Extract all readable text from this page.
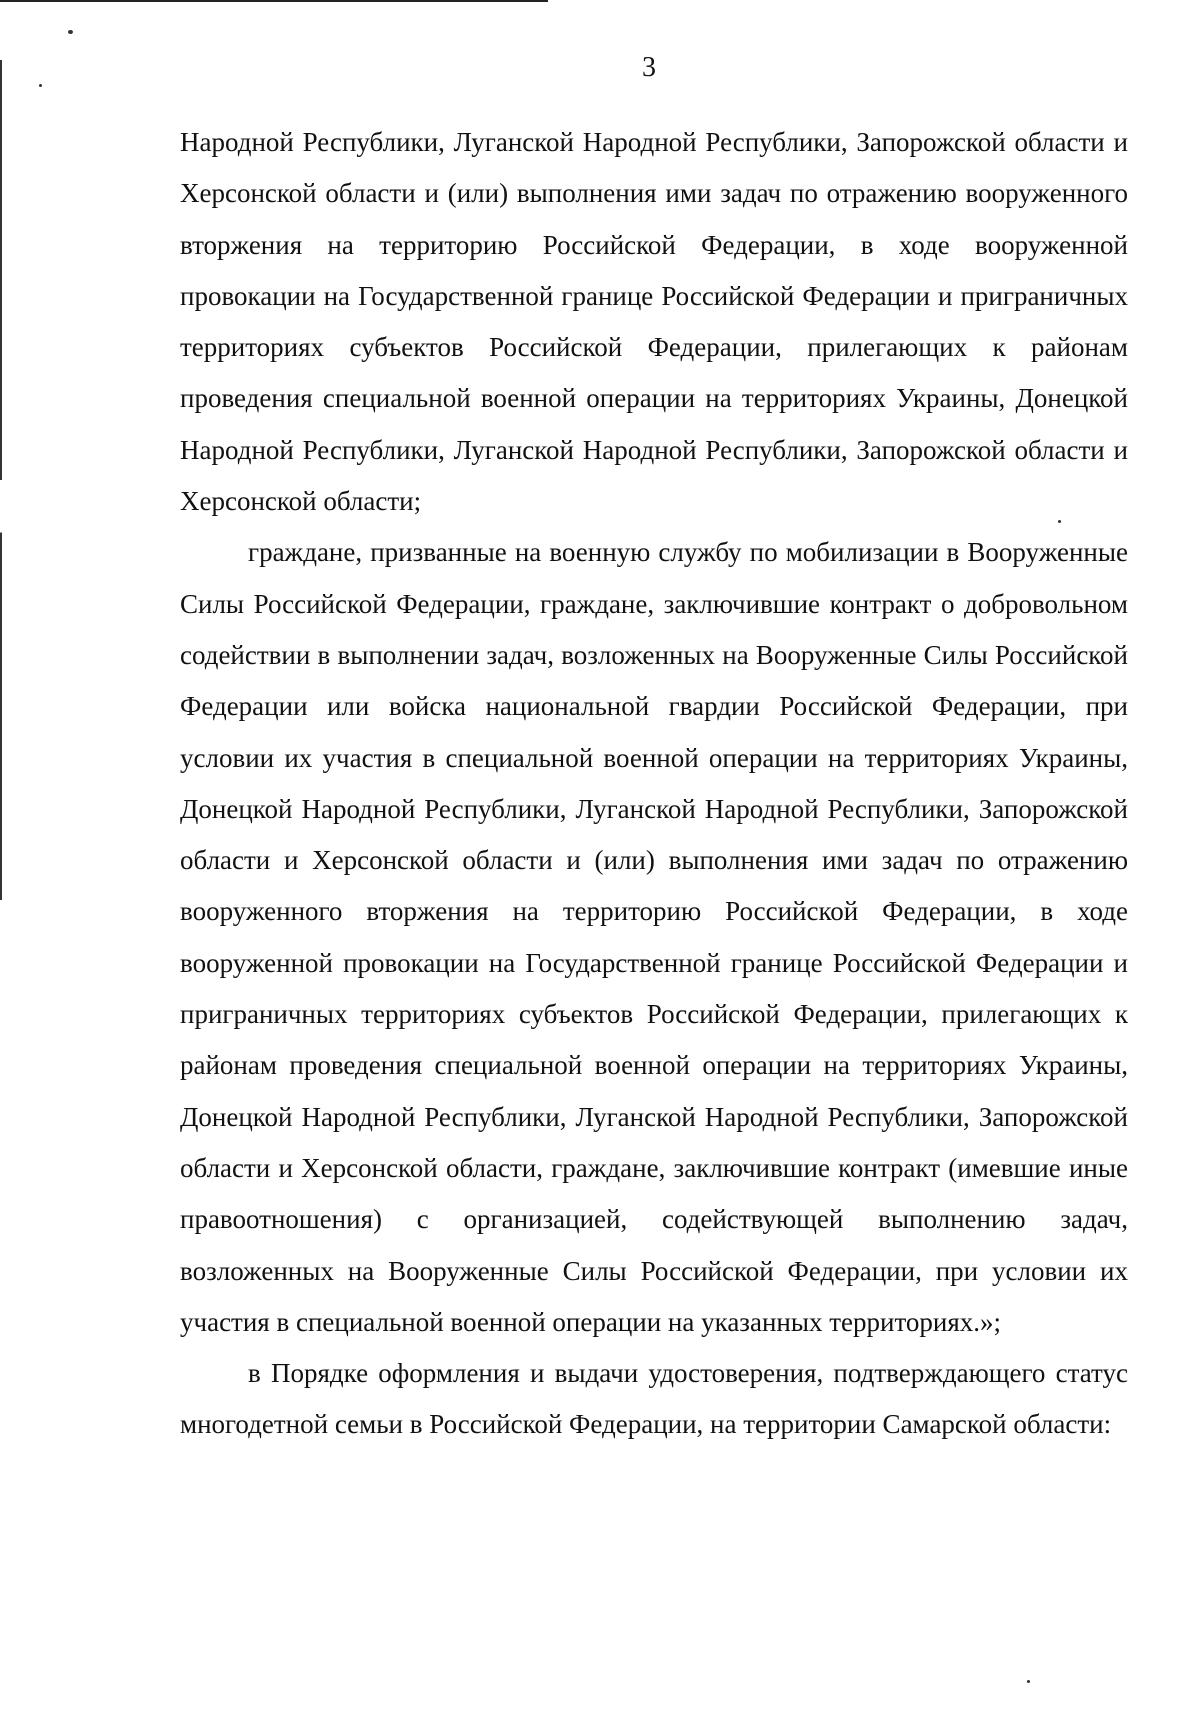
3

Народной Республики, Луганской Народной Республики, Запорожской области и Херсонской области и (или) выполнения ими задач по отражению вооруженного вторжения на территорию Российской Федерации, в ходе вооруженной провокации на Государственной границе Российской Федерации и приграничных территориях субъектов Российской Федерации, прилегающих к районам проведения специальной военной операции на территориях Украины, Донецкой Народной Республики, Луганской Народной Республики, Запорожской области и Херсонской области;

граждане, призванные на военную службу по мобилизации в Вооруженные Силы Российской Федерации, граждане, заключившие контракт о добровольном содействии в выполнении задач, возложенных на Вооруженные Силы Российской Федерации или войска национальной гвардии Российской Федерации, при условии их участия в специальной военной операции на территориях Украины, Донецкой Народной Республики, Луганской Народной Республики, Запорожской области и Херсонской области и (или) выполнения ими задач по отражению вооруженного вторжения на территорию Российской Федерации, в ходе вооруженной провокации на Государственной границе Российской Федерации и приграничных территориях субъектов Российской Федерации, прилегающих к районам проведения специальной военной операции на территориях Украины, Донецкой Народной Республики, Луганской Народной Республики, Запорожской области и Херсонской области, граждане, заключившие контракт (имевшие иные правоотношения) с организацией, содействующей выполнению задач, возложенных на Вооруженные Силы Российской Федерации, при условии их участия в специальной военной операции на указанных территориях.»;

в Порядке оформления и выдачи удостоверения, подтверждающего статус многодетной семьи в Российской Федерации, на территории Самарской области:
